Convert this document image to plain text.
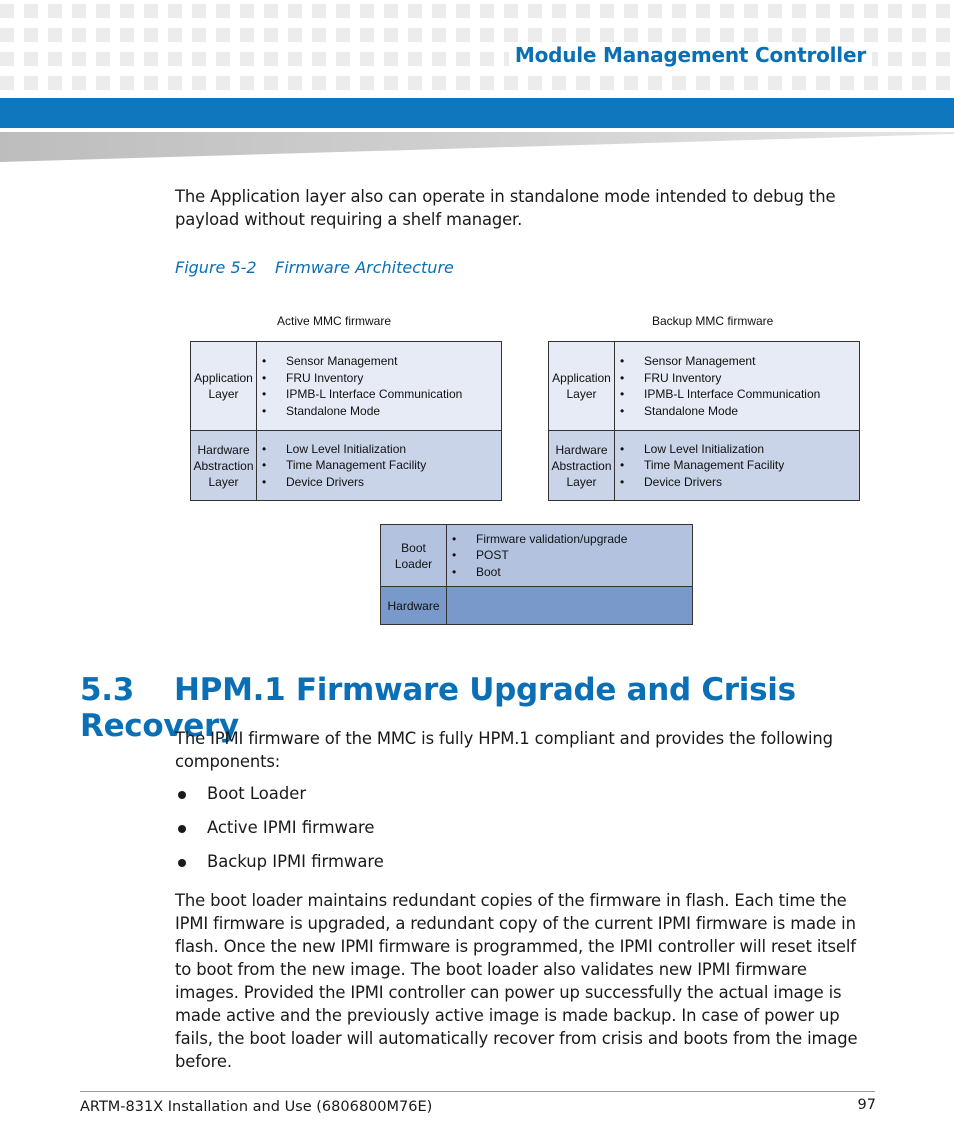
Module Management Controller
The Application layer also can operate in standalone mode intended to debug the payload without requiring a shelf manager.
Figure 5-2 Firmware Architecture
Active MMC firmware	Backup MMC firmware
Application
Layer
• Sensor Management
• FRU Inventory
• IPMB-L Interface Communication
• Standalone Mode
Hardware
Abstraction
Layer
• Low Level Initialization
• Time Management Facility
• Device Drivers
Application
Layer
• Sensor Management
• FRU Inventory
• IPMB-L Interface Communication
• Standalone Mode
Hardware
Abstraction
Layer
• Low Level Initialization
• Time Management Facility
• Device Drivers
Boot
Loader
• Firmware validation/upgrade
• POST
• Boot
Hardware
5.3 HPM.1 Firmware Upgrade and Crisis Recovery
The IPMI firmware of the MMC is fully HPM.1 compliant and provides the following components:
Boot Loader
Active IPMI firmware
Backup IPMI firmware
The boot loader maintains redundant copies of the firmware in flash. Each time the IPMI firmware is upgraded, a redundant copy of the current IPMI firmware is made in flash. Once the new IPMI firmware is programmed, the IPMI controller will reset itself to boot from the new image. The boot loader also validates new IPMI firmware images. Provided the IPMI controller can power up successfully the actual image is made active and the previously active image is made backup. In case of power up fails, the boot loader will automatically recover from crisis and boots from the image before.
ARTM-831X Installation and Use (6806800M76E)	97
